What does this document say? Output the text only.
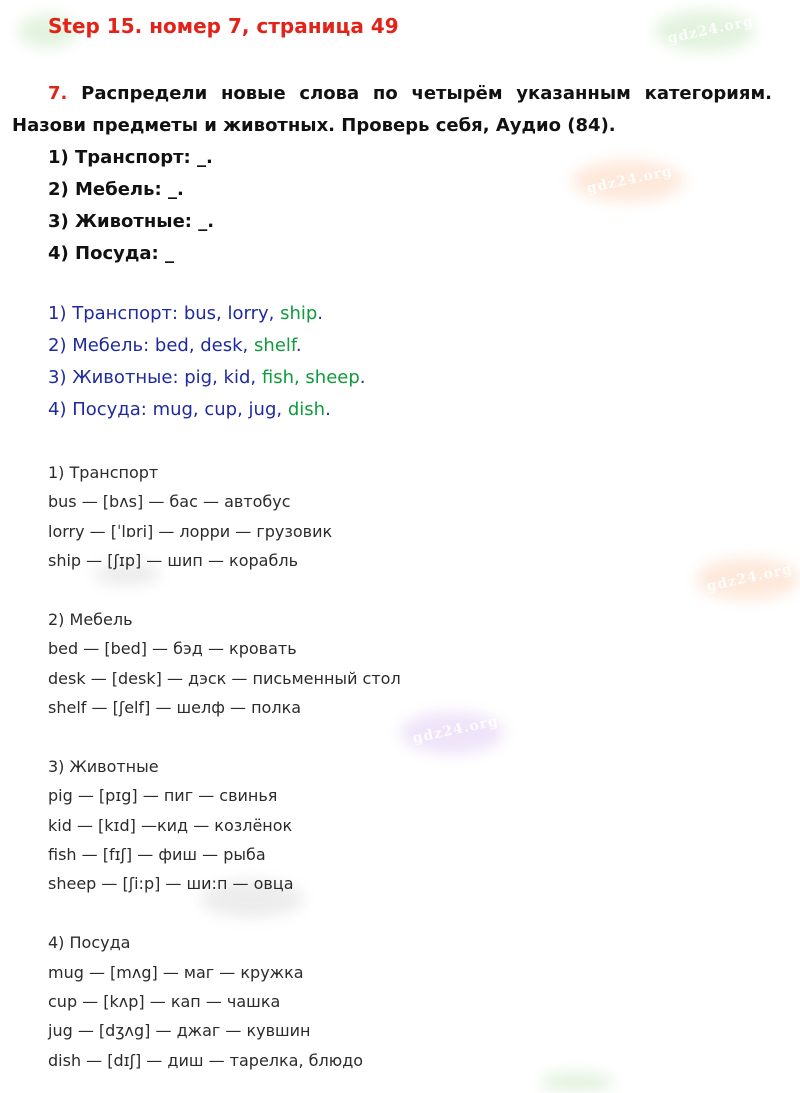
gdz24.org
gdz24.org
gdz24.org
gdz24.org
Step 15. номер 7, страница 49
7. Распредели новые слова по четырём указанным категориям. Назови предметы и животных. Проверь себя, Аудио (84).
1) Транспорт: _.
2) Мебель: _.
3) Животные: _.
4) Посуда: _
1) Транспорт: bus, lorry, ship.
2) Мебель: bed, desk, shelf.
3) Животные: pig, kid, fish, sheep.
4) Посуда: mug, cup, jug, dish.
1) Транспорт
bus — [bʌs] — бас — автобус
lorry — [ˈlɒri] — лорри — грузовик
ship — [ʃɪp] — шип — корабль
2) Мебель
bed — [bed] — бэд — кровать
desk — [desk] — дэск — письменный стол
shelf — [ʃelf] — шелф — полка
3) Животные
pig — [pɪg] — пиг — свинья
kid — [kɪd] —кид — козлёнок
fish — [fɪʃ] — фиш — рыба
sheep — [ʃi:p] — ши:п — овца
4) Посуда
mug — [mʌg] — маг — кружка
cup — [kʌp] — кап — чашка
jug — [dʒʌg] — джаг — кувшин
dish — [dɪʃ] — диш — тарелка, блюдо
